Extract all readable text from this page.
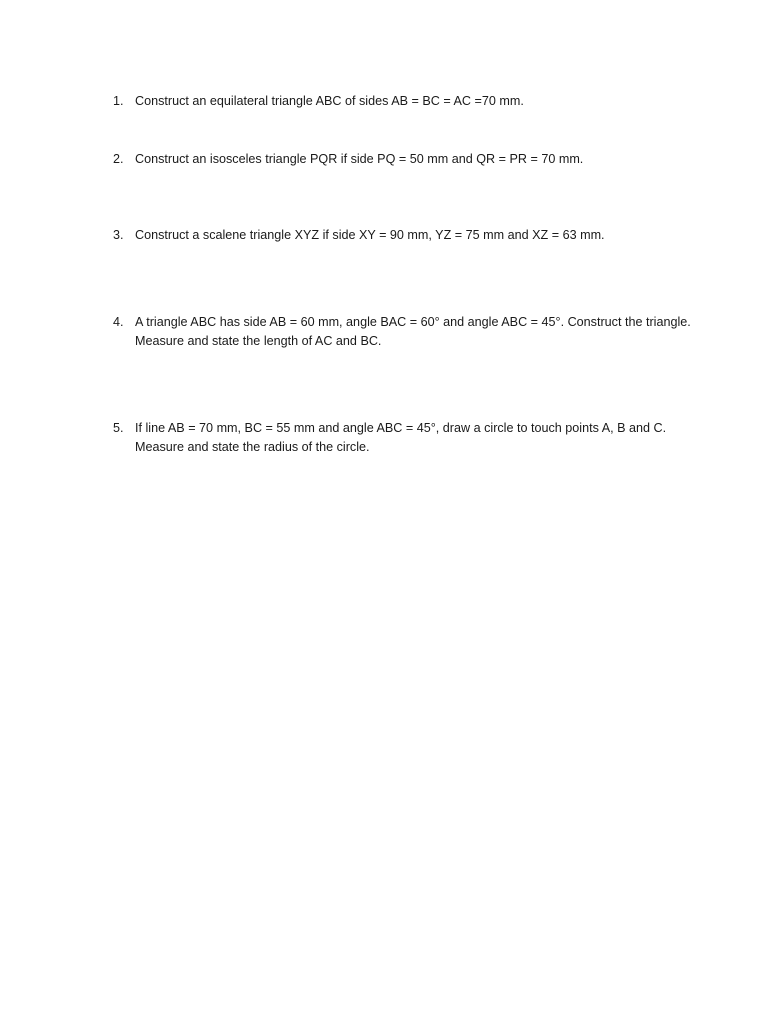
1. Construct an equilateral triangle ABC of sides AB = BC = AC =70 mm.
2. Construct an isosceles triangle PQR if side PQ = 50 mm and QR = PR = 70 mm.
3. Construct a scalene triangle XYZ if side XY = 90 mm, YZ = 75 mm and XZ = 63 mm.
4. A triangle ABC has side AB = 60 mm, angle BAC = 60° and angle ABC = 45°. Construct the triangle.
Measure and state the length of AC and BC.
5. If line AB = 70 mm, BC = 55 mm and angle ABC = 45°, draw a circle to touch points A, B and C.
Measure and state the radius of the circle.
